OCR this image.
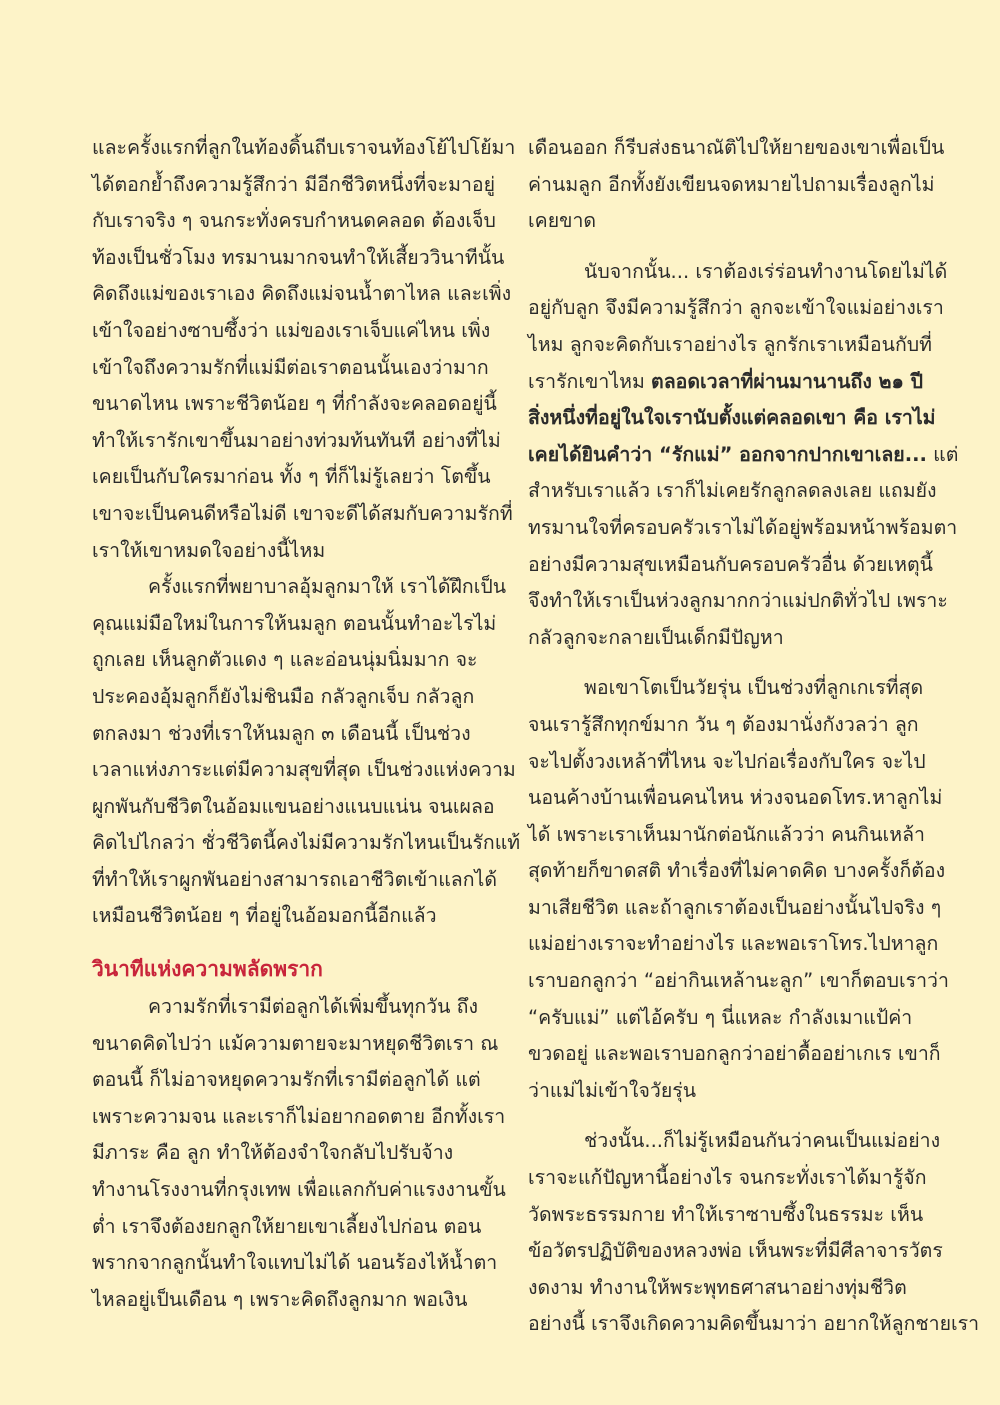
และครั้งแรกที่ลูกในท้องดิ้นถีบเราจนท้องโย้ไปโย้มา
ได้ตอกย้ำถึงความรู้สึกว่า มีอีกชีวิตหนึ่งที่จะมาอยู่
กับเราจริง ๆ จนกระทั่งครบกำหนดคลอด ต้องเจ็บ
ท้องเป็นชั่วโมง ทรมานมากจนทำให้เสี้ยววินาทีนั้น
คิดถึงแม่ของเราเอง คิดถึงแม่จนน้ำตาไหล และเพิ่ง
เข้าใจอย่างซาบซึ้งว่า แม่ของเราเจ็บแค่ไหน เพิ่ง
เข้าใจถึงความรักที่แม่มีต่อเราตอนนั้นเองว่ามาก
ขนาดไหน เพราะชีวิตน้อย ๆ ที่กำลังจะคลอดอยู่นี้
ทำให้เรารักเขาขึ้นมาอย่างท่วมท้นทันที อย่างที่ไม่
เคยเป็นกับใครมาก่อน ทั้ง ๆ ที่ก็ไม่รู้เลยว่า โตขึ้น
เขาจะเป็นคนดีหรือไม่ดี เขาจะดีได้สมกับความรักที่
เราให้เขาหมดใจอย่างนี้ไหม
ครั้งแรกที่พยาบาลอุ้มลูกมาให้ เราได้ฝึกเป็น
คุณแม่มือใหม่ในการให้นมลูก ตอนนั้นทำอะไรไม่
ถูกเลย เห็นลูกตัวแดง ๆ และอ่อนนุ่มนิ่มมาก จะ
ประคองอุ้มลูกก็ยังไม่ชินมือ กลัวลูกเจ็บ กลัวลูก
ตกลงมา ช่วงที่เราให้นมลูก ๓ เดือนนี้ เป็นช่วง
เวลาแห่งภาระแต่มีความสุขที่สุด เป็นช่วงแห่งความ
ผูกพันกับชีวิตในอ้อมแขนอย่างแนบแน่น จนเผลอ
คิดไปไกลว่า ชั่วชีวิตนี้คงไม่มีความรักไหนเป็นรักแท้
ที่ทำให้เราผูกพันอย่างสามารถเอาชีวิตเข้าแลกได้
เหมือนชีวิตน้อย ๆ ที่อยู่ในอ้อมอกนี้อีกแล้ว
วินาทีแห่งความพลัดพราก
ความรักที่เรามีต่อลูกได้เพิ่มขึ้นทุกวัน ถึง
ขนาดคิดไปว่า แม้ความตายจะมาหยุดชีวิตเรา ณ
ตอนนี้ ก็ไม่อาจหยุดความรักที่เรามีต่อลูกได้ แต่
เพราะความจน และเราก็ไม่อยากอดตาย อีกทั้งเรา
มีภาระ คือ ลูก ทำให้ต้องจำใจกลับไปรับจ้าง
ทำงานโรงงานที่กรุงเทพ เพื่อแลกกับค่าแรงงานขั้น
ต่ำ เราจึงต้องยกลูกให้ยายเขาเลี้ยงไปก่อน ตอน
พรากจากลูกนั้นทำใจแทบไม่ได้ นอนร้องไห้น้ำตา
ไหลอยู่เป็นเดือน ๆ เพราะคิดถึงลูกมาก พอเงิน
เดือนออก ก็รีบส่งธนาณัติไปให้ยายของเขาเพื่อเป็น
ค่านมลูก อีกทั้งยังเขียนจดหมายไปถามเรื่องลูกไม่
เคยขาด
นับจากนั้น... เราต้องเร่ร่อนทำงานโดยไม่ได้
อยู่กับลูก จึงมีความรู้สึกว่า ลูกจะเข้าใจแม่อย่างเรา
ไหม ลูกจะคิดกับเราอย่างไร ลูกรักเราเหมือนกับที่
เรารักเขาไหม ตลอดเวลาที่ผ่านมานานถึง ๒๑ ปี
สิ่งหนึ่งที่อยู่ในใจเรานับตั้งแต่คลอดเขา คือ เราไม่
เคยได้ยินคำว่า “รักแม่” ออกจากปากเขาเลย... แต่
สำหรับเราแล้ว เราก็ไม่เคยรักลูกลดลงเลย แถมยัง
ทรมานใจที่ครอบครัวเราไม่ได้อยู่พร้อมหน้าพร้อมตา
อย่างมีความสุขเหมือนกับครอบครัวอื่น ด้วยเหตุนี้
จึงทำให้เราเป็นห่วงลูกมากกว่าแม่ปกติทั่วไป เพราะ
กลัวลูกจะกลายเป็นเด็กมีปัญหา
พอเขาโตเป็นวัยรุ่น เป็นช่วงที่ลูกเกเรที่สุด
จนเรารู้สึกทุกข์มาก วัน ๆ ต้องมานั่งกังวลว่า ลูก
จะไปตั้งวงเหล้าที่ไหน จะไปก่อเรื่องกับใคร จะไป
นอนค้างบ้านเพื่อนคนไหน ห่วงจนอดโทร.หาลูกไม่
ได้ เพราะเราเห็นมานักต่อนักแล้วว่า คนกินเหล้า
สุดท้ายก็ขาดสติ ทำเรื่องที่ไม่คาดคิด บางครั้งก็ต้อง
มาเสียชีวิต และถ้าลูกเราต้องเป็นอย่างนั้นไปจริง ๆ
แม่อย่างเราจะทำอย่างไร และพอเราโทร.ไปหาลูก
เราบอกลูกว่า “อย่ากินเหล้านะลูก” เขาก็ตอบเราว่า
“ครับแม่” แต่ไอ้ครับ ๆ นี่แหละ กำลังเมาแป้ค่า
ขวดอยู่ และพอเราบอกลูกว่าอย่าดื้ออย่าเกเร เขาก็
ว่าแม่ไม่เข้าใจวัยรุ่น
ช่วงนั้น...ก็ไม่รู้เหมือนกันว่าคนเป็นแม่อย่าง
เราจะแก้ปัญหานี้อย่างไร จนกระทั่งเราได้มารู้จัก
วัดพระธรรมกาย ทำให้เราซาบซึ้งในธรรมะ เห็น
ข้อวัตรปฏิบัติของหลวงพ่อ เห็นพระที่มีศีลาจารวัตร
งดงาม ทำงานให้พระพุทธศาสนาอย่างทุ่มชีวิต
อย่างนี้ เราจึงเกิดความคิดขึ้นมาว่า อยากให้ลูกชายเรา
